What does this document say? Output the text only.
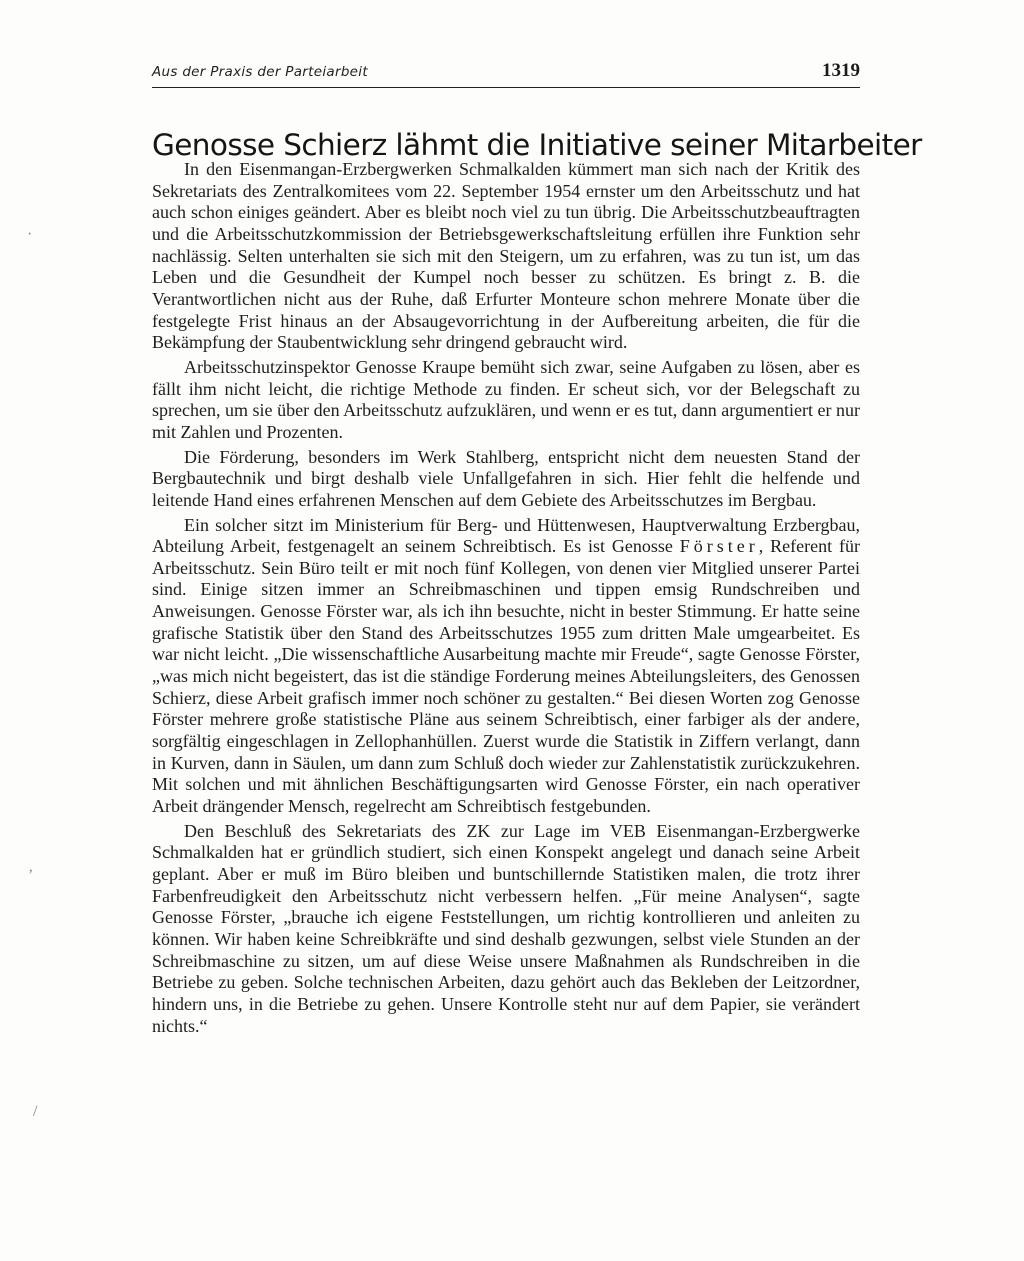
Aus der Praxis der Parteiarbeit	1319
Genosse Schierz lähmt die Initiative seiner Mitarbeiter

In den Eisenmangan-Erzbergwerken Schmalkalden kümmert man sich nach der Kritik des Sekretariats des Zentralkomitees vom 22. September 1954 ernster um den Arbeitsschutz und hat auch schon einiges geändert. Aber es bleibt noch viel zu tun übrig. Die Arbeitsschutzbeauftragten und die Arbeitsschutzkommission der Betriebsgewerkschaftsleitung erfüllen ihre Funktion sehr nachlässig. Selten unterhalten sie sich mit den Steigern, um zu erfahren, was zu tun ist, um das Leben und die Gesundheit der Kumpel noch besser zu schützen. Es bringt z. B. die Verantwortlichen nicht aus der Ruhe, daß Erfurter Monteure schon mehrere Monate über die festgelegte Frist hinaus an der Absaugevorrichtung in der Aufbereitung arbeiten, die für die Bekämpfung der Staubentwicklung sehr dringend gebraucht wird.

Arbeitsschutzinspektor Genosse Kraupe bemüht sich zwar, seine Aufgaben zu lösen, aber es fällt ihm nicht leicht, die richtige Methode zu finden. Er scheut sich, vor der Belegschaft zu sprechen, um sie über den Arbeitsschutz aufzuklären, und wenn er es tut, dann argumentiert er nur mit Zahlen und Prozenten.

Die Förderung, besonders im Werk Stahlberg, entspricht nicht dem neuesten Stand der Bergbautechnik und birgt deshalb viele Unfallgefahren in sich. Hier fehlt die helfende und leitende Hand eines erfahrenen Menschen auf dem Gebiete des Arbeitsschutzes im Bergbau.

Ein solcher sitzt im Ministerium für Berg- und Hüttenwesen, Hauptverwaltung Erzbergbau, Abteilung Arbeit, festgenagelt an seinem Schreibtisch. Es ist Genosse Förster, Referent für Arbeitsschutz. Sein Büro teilt er mit noch fünf Kollegen, von denen vier Mitglied unserer Partei sind. Einige sitzen immer an Schreibmaschinen und tippen emsig Rundschreiben und Anweisungen. Genosse Förster war, als ich ihn besuchte, nicht in bester Stimmung. Er hatte seine grafische Statistik über den Stand des Arbeitsschutzes 1955 zum dritten Male umgearbeitet. Es war nicht leicht. „Die wissenschaftliche Ausarbeitung machte mir Freude“, sagte Genosse Förster, „was mich nicht begeistert, das ist die ständige Forderung meines Abteilungsleiters, des Genossen Schierz, diese Arbeit grafisch immer noch schöner zu gestalten.“ Bei diesen Worten zog Genosse Förster mehrere große statistische Pläne aus seinem Schreibtisch, einer farbiger als der andere, sorgfältig eingeschlagen in Zellophanhüllen. Zuerst wurde die Statistik in Ziffern verlangt, dann in Kurven, dann in Säulen, um dann zum Schluß doch wieder zur Zahlenstatistik zurückzukehren. Mit solchen und mit ähnlichen Beschäftigungsarten wird Genosse Förster, ein nach operativer Arbeit drängender Mensch, regelrecht am Schreibtisch festgebunden.

Den Beschluß des Sekretariats des ZK zur Lage im VEB Eisenmangan-Erzbergwerke Schmalkalden hat er gründlich studiert, sich einen Konspekt angelegt und danach seine Arbeit geplant. Aber er muß im Büro bleiben und buntschillernde Statistiken malen, die trotz ihrer Farbenfreudigkeit den Arbeitsschutz nicht verbessern helfen. „Für meine Analysen“, sagte Genosse Förster, „brauche ich eigene Feststellungen, um richtig kontrollieren und anleiten zu können. Wir haben keine Schreibkräfte und sind deshalb gezwungen, selbst viele Stunden an der Schreibmaschine zu sitzen, um auf diese Weise unsere Maßnahmen als Rundschreiben in die Betriebe zu geben. Solche technischen Arbeiten, dazu gehört auch das Bekleben der Leitzordner, hindern uns, in die Betriebe zu gehen. Unsere Kontrolle steht nur auf dem Papier, sie verändert nichts.“

·
‚
/
